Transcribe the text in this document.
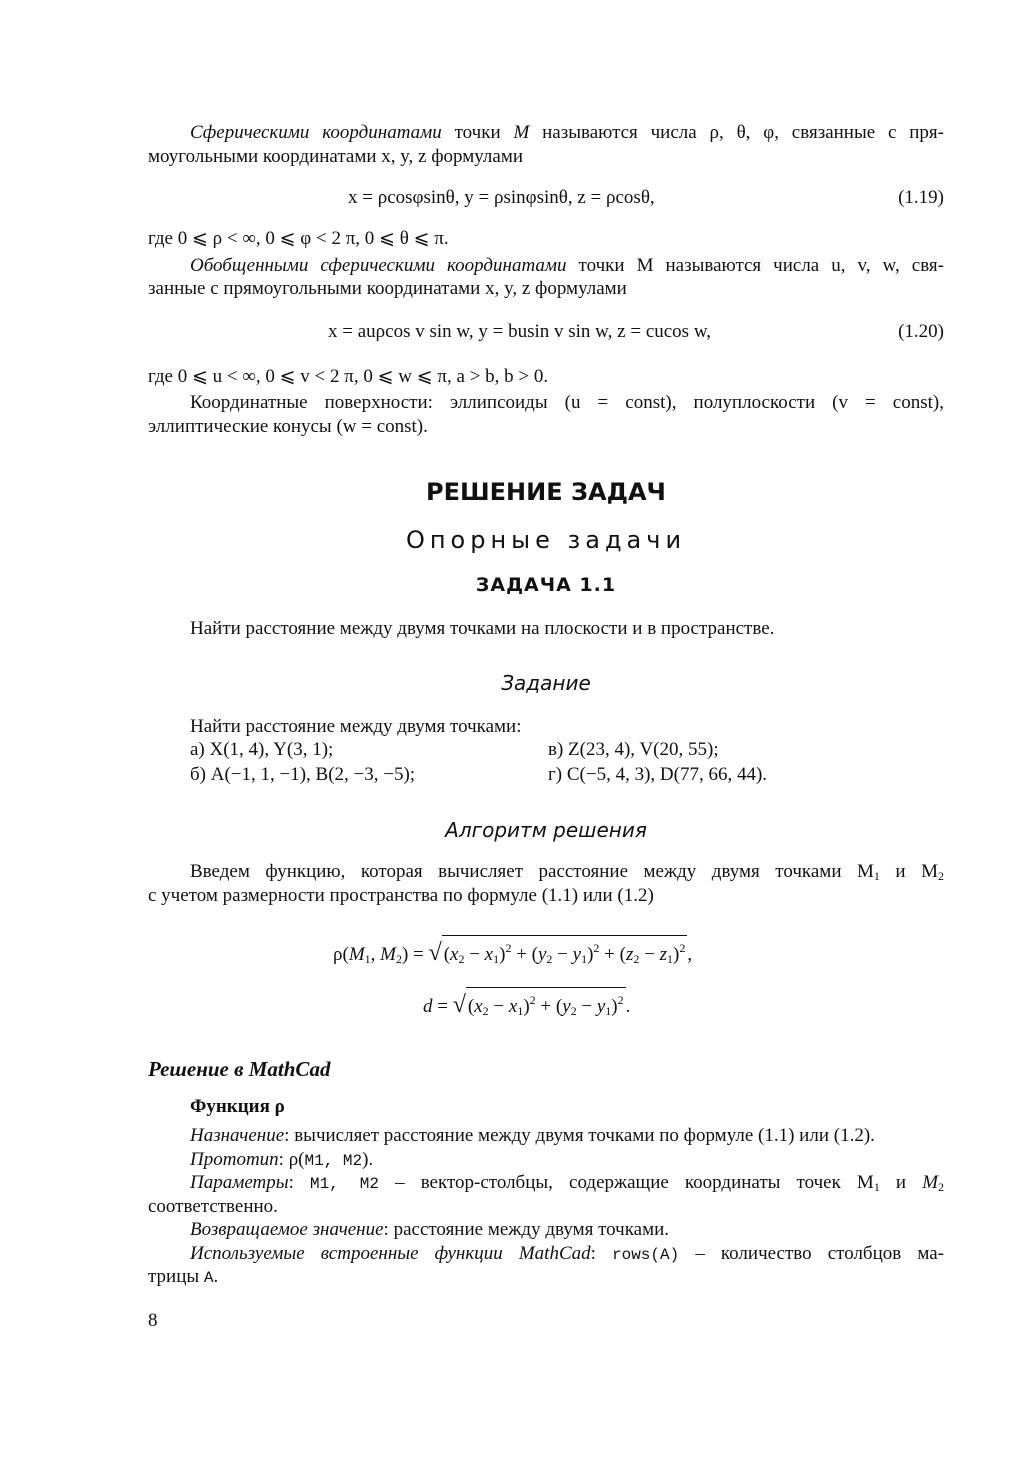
Сферическими координатами точки M называются числа ρ, θ, φ, связанные с пря-
моугольными координатами x, y, z формулами
x = ρcosφsinθ, y = ρsinφsinθ, z = ρcosθ,	(1.19)
где 0 ⩽ ρ < ∞, 0 ⩽ φ < 2 π, 0 ⩽ θ ⩽ π.
Обобщенными сферическими координатами точки M называются числа u, v, w, свя-
занные с прямоугольными координатами x, y, z формулами
x = auρcos v sin w, y = busin v sin w, z = cucos w,	(1.20)
где 0 ⩽ u < ∞, 0 ⩽ v < 2 π, 0 ⩽ w ⩽ π, a > b, b > 0.
Координатные поверхности: эллипсоиды (u = const), полуплоскости (v = const),
эллиптические конусы (w = const).
РЕШЕНИЕ ЗАДАЧ
Опорные задачи
ЗАДАЧА 1.1
Найти расстояние между двумя точками на плоскости и в пространстве.
Задание
Найти расстояние между двумя точками:
а) X(1, 4), Y(3, 1);	в) Z(23, 4), V(20, 55);
б) A(−1, 1, −1), B(2, −3, −5);	г) C(−5, 4, 3), D(77, 66, 44).
Алгоритм решения
Введем функцию, которая вычисляет расстояние между двумя точками $M_1$ и $M_2$
с учетом размерности пространства по формуле (1.1) или (1.2)
$\rho(M_1$, $M_2$) = √ $(x_2 - x_1)^2 + (y_2 - y_1)^2 + (z_2 - z_1)^2$ ,
d = √ $(x_2 - x_1)^2 + (y_2 - y_1)^2$ .
Решение в MathCad
Функция ρ
Назначение: вычисляет расстояние между двумя точками по формуле (1.1) или (1.2).
Прототип: ρ(M1, M2).
Параметры: M1, M2 – вектор-столбцы, содержащие координаты точек $M_1$ и $M_2$
соответственно.
Возвращаемое значение: расстояние между двумя точками.
Используемые встроенные функции MathCad: rows(A) – количество столбцов ма-
трицы A.
8
